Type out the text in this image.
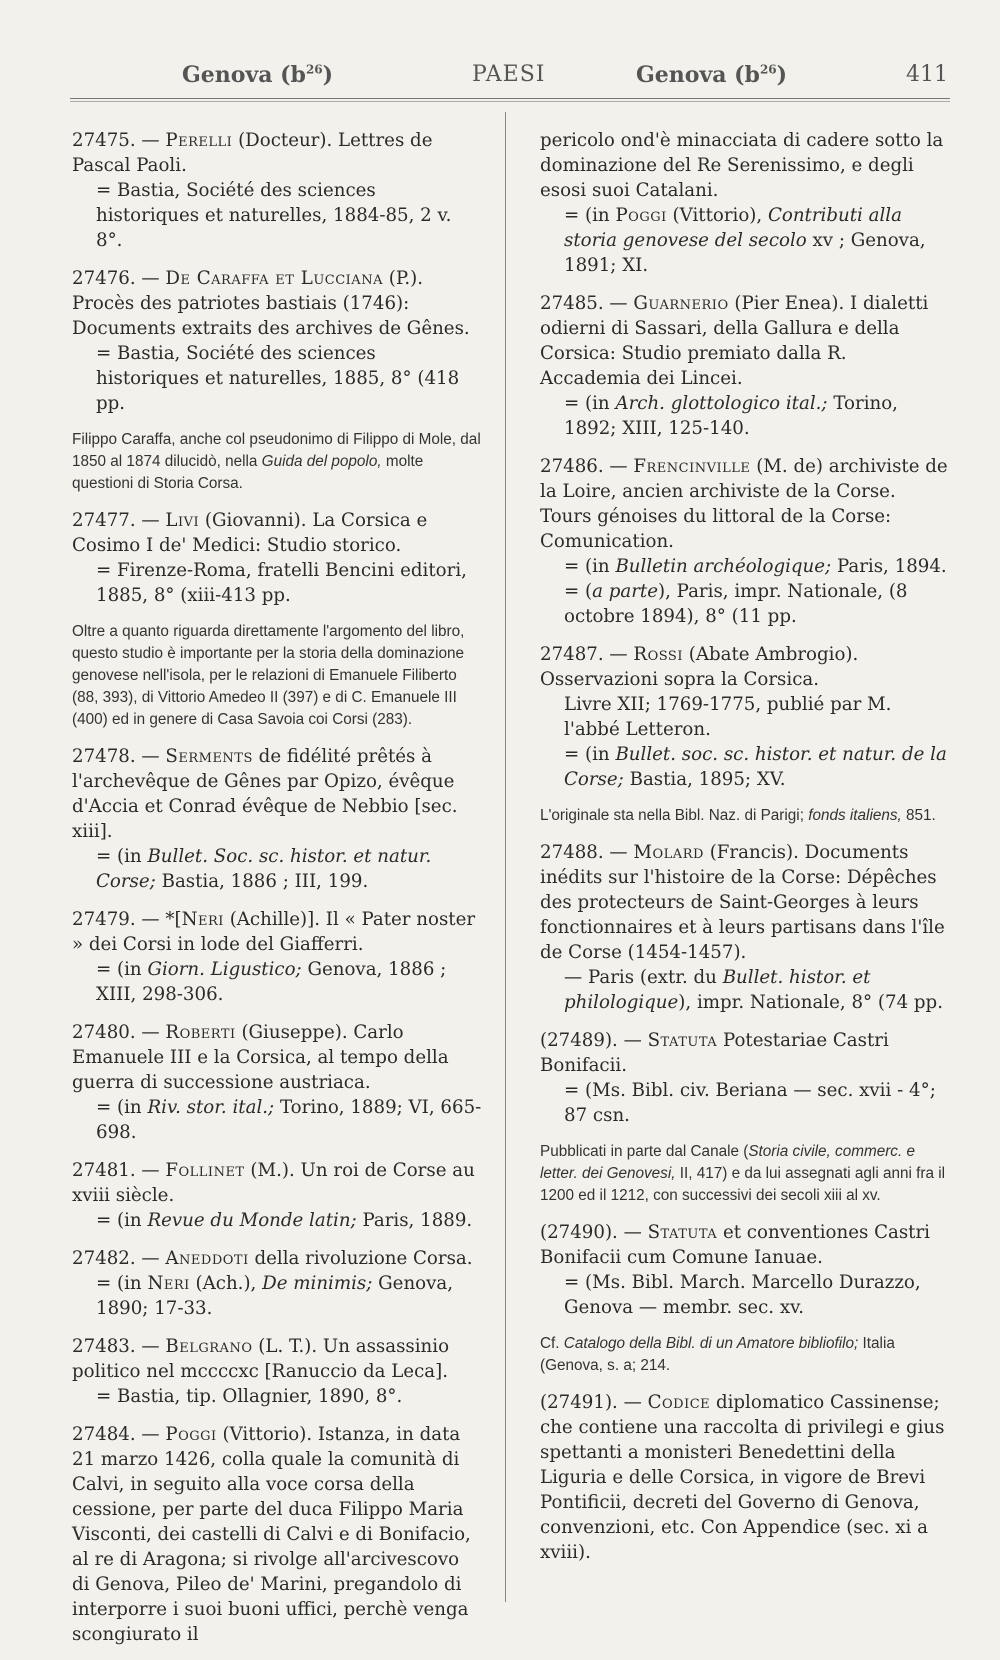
Genova $(b^{26})$	PAESI	Genova $(b^{26})$	411

27475. — Perelli (Docteur). Lettres de Pascal Paoli.

= Bastia, Société des sciences historiques et naturelles, 1884-85, 2 v. 8°.

27476. — De Caraffa et Lucciana (P.). Procès des patriotes bastiais (1746): Documents extraits des archives de Gênes.

= Bastia, Société des sciences historiques et naturelles, 1885, 8° (418 pp.

Filippo Caraffa, anche col pseudonimo di Filippo di Mole, dal 1850 al 1874 dilucidò, nella Guida del popolo, molte questioni di Storia Corsa.

27477. — Livi (Giovanni). La Corsica e Cosimo I de' Medici: Studio storico.

= Firenze-Roma, fratelli Bencini editori, 1885, 8° (xiii-413 pp.

Oltre a quanto riguarda direttamente l'argomento del libro, questo studio è importante per la storia della dominazione genovese nell'isola, per le relazioni di Emanuele Filiberto (88, 393), di Vittorio Amedeo II (397) e di C. Emanuele III (400) ed in genere di Casa Savoia coi Corsi (283).

27478. — Serments de fidélité prêtés à l'archevêque de Gênes par Opizo, évêque d'Accia et Conrad évêque de Nebbio [sec. xiii].

= (in Bullet. Soc. sc. histor. et natur. Corse; Bastia, 1886 ; III, 199.

27479. — *[Neri (Achille)]. Il « Pater noster » dei Corsi in lode del Giafferri.

= (in Giorn. Ligustico; Genova, 1886 ; XIII, 298-306.

27480. — Roberti (Giuseppe). Carlo Emanuele III e la Corsica, al tempo della guerra di successione austriaca.

= (in Riv. stor. ital.; Torino, 1889; VI, 665-698.

27481. — Follinet (M.). Un roi de Corse au xviii siècle.

= (in Revue du Monde latin; Paris, 1889.

27482. — Aneddoti della rivoluzione Corsa.

= (in Neri (Ach.), De minimis; Genova, 1890; 17-33.

27483. — Belgrano (L. T.). Un assassinio politico nel mccccxc [Ranuccio da Leca].

= Bastia, tip. Ollagnier, 1890, 8°.

27484. — Poggi (Vittorio). Istanza, in data 21 marzo 1426, colla quale la comunità di Calvi, in seguito alla voce corsa della cessione, per parte del duca Filippo Maria Visconti, dei castelli di Calvi e di Bonifacio, al re di Aragona; si rivolge all'arcivescovo di Genova, Pileo de' Marini, pregandolo di interporre i suoi buoni uffici, perchè venga scongiurato il

pericolo ond'è minacciata di cadere sotto la dominazione del Re Serenissimo, e degli esosi suoi Catalani.

= (in Poggi (Vittorio), Contributi alla storia genovese del secolo xv ; Genova, 1891; XI.

27485. — Guarnerio (Pier Enea). I dialetti odierni di Sassari, della Gallura e della Corsica: Studio premiato dalla R. Accademia dei Lincei.

= (in Arch. glottologico ital.; Torino, 1892; XIII, 125-140.

27486. — Frencinville (M. de) archiviste de la Loire, ancien archiviste de la Corse. Tours génoises du littoral de la Corse: Comunication.

= (in Bulletin archéologique; Paris, 1894.

= (a parte), Paris, impr. Nationale, (8 octobre 1894), 8° (11 pp.

27487. — Rossi (Abate Ambrogio). Osservazioni sopra la Corsica.

Livre XII; 1769-1775, publié par M. l'abbé Letteron.

= (in Bullet. soc. sc. histor. et natur. de la Corse; Bastia, 1895; XV.

L'originale sta nella Bibl. Naz. di Parigi; fonds italiens, 851.

27488. — Molard (Francis). Documents inédits sur l'histoire de la Corse: Dépêches des protecteurs de Saint-Georges à leurs fonctionnaires et à leurs partisans dans l'île de Corse (1454-1457).

— Paris (extr. du Bullet. histor. et philologique), impr. Nationale, 8° (74 pp.

(27489). — Statuta Potestariae Castri Bonifacii.

= (Ms. Bibl. civ. Beriana — sec. xvii - 4°; 87 csn.

Pubblicati in parte dal Canale (Storia civile, commerc. e letter. dei Genovesi, II, 417) e da lui assegnati agli anni fra il 1200 ed il 1212, con successivi dei secoli xiii al xv.

(27490). — Statuta et conventiones Castri Bonifacii cum Comune Ianuae.

= (Ms. Bibl. March. Marcello Durazzo, Genova — membr. sec. xv.

Cf. Catalogo della Bibl. di un Amatore bibliofilo; Italia (Genova, s. a; 214.

(27491). — Codice diplomatico Cassinense; che contiene una raccolta di privilegi e gius spettanti a monisteri Benedettini della Liguria e delle Corsica, in vigore de Brevi Pontificii, decreti del Governo di Genova, convenzioni, etc. Con Appendice (sec. xi a xviii).
